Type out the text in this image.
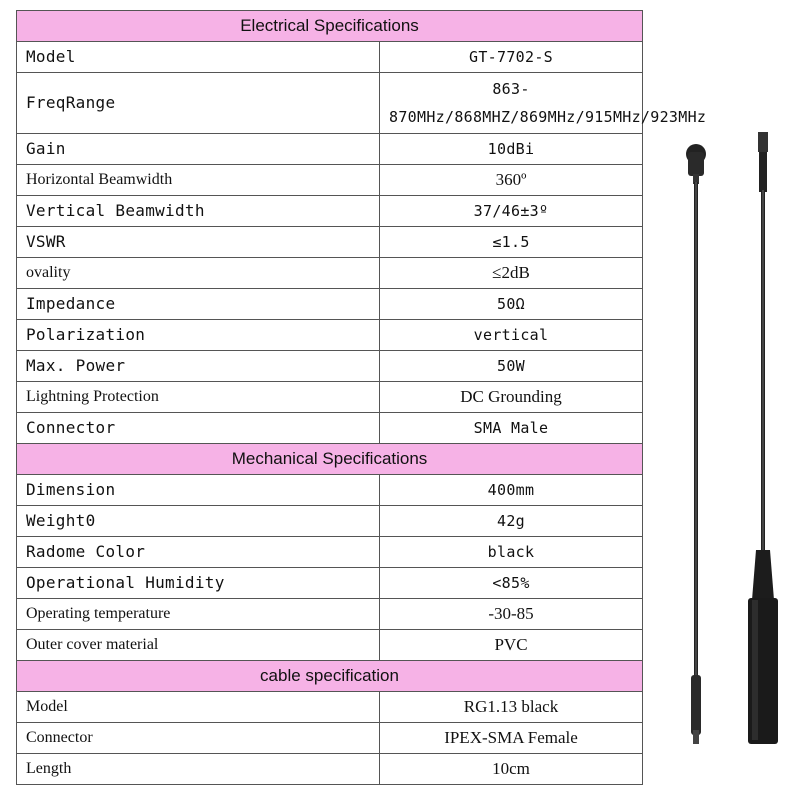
Electrical Specifications	
Model	GT-7702-S
FreqRange	863-870MHz/868MHZ/869MHz/915MHz/923MHz
Gain	10dBi
Horizontal Beamwidth	360º
Vertical Beamwidth	37/46±3º
VSWR	≤1.5
ovality	≤2dB
Impedance	50Ω
Polarization	vertical
Max. Power	50W
Lightning Protection	DC Grounding
Connector	SMA Male
Mechanical Specifications	
Dimension	400mm
Weight0	42g
Radome Color	black
Operational Humidity	<85%
Operating temperature	-30-85
Outer cover material	PVC
cable specification	
Model	RG1.13 black
Connector	IPEX-SMA Female
Length	10cm
